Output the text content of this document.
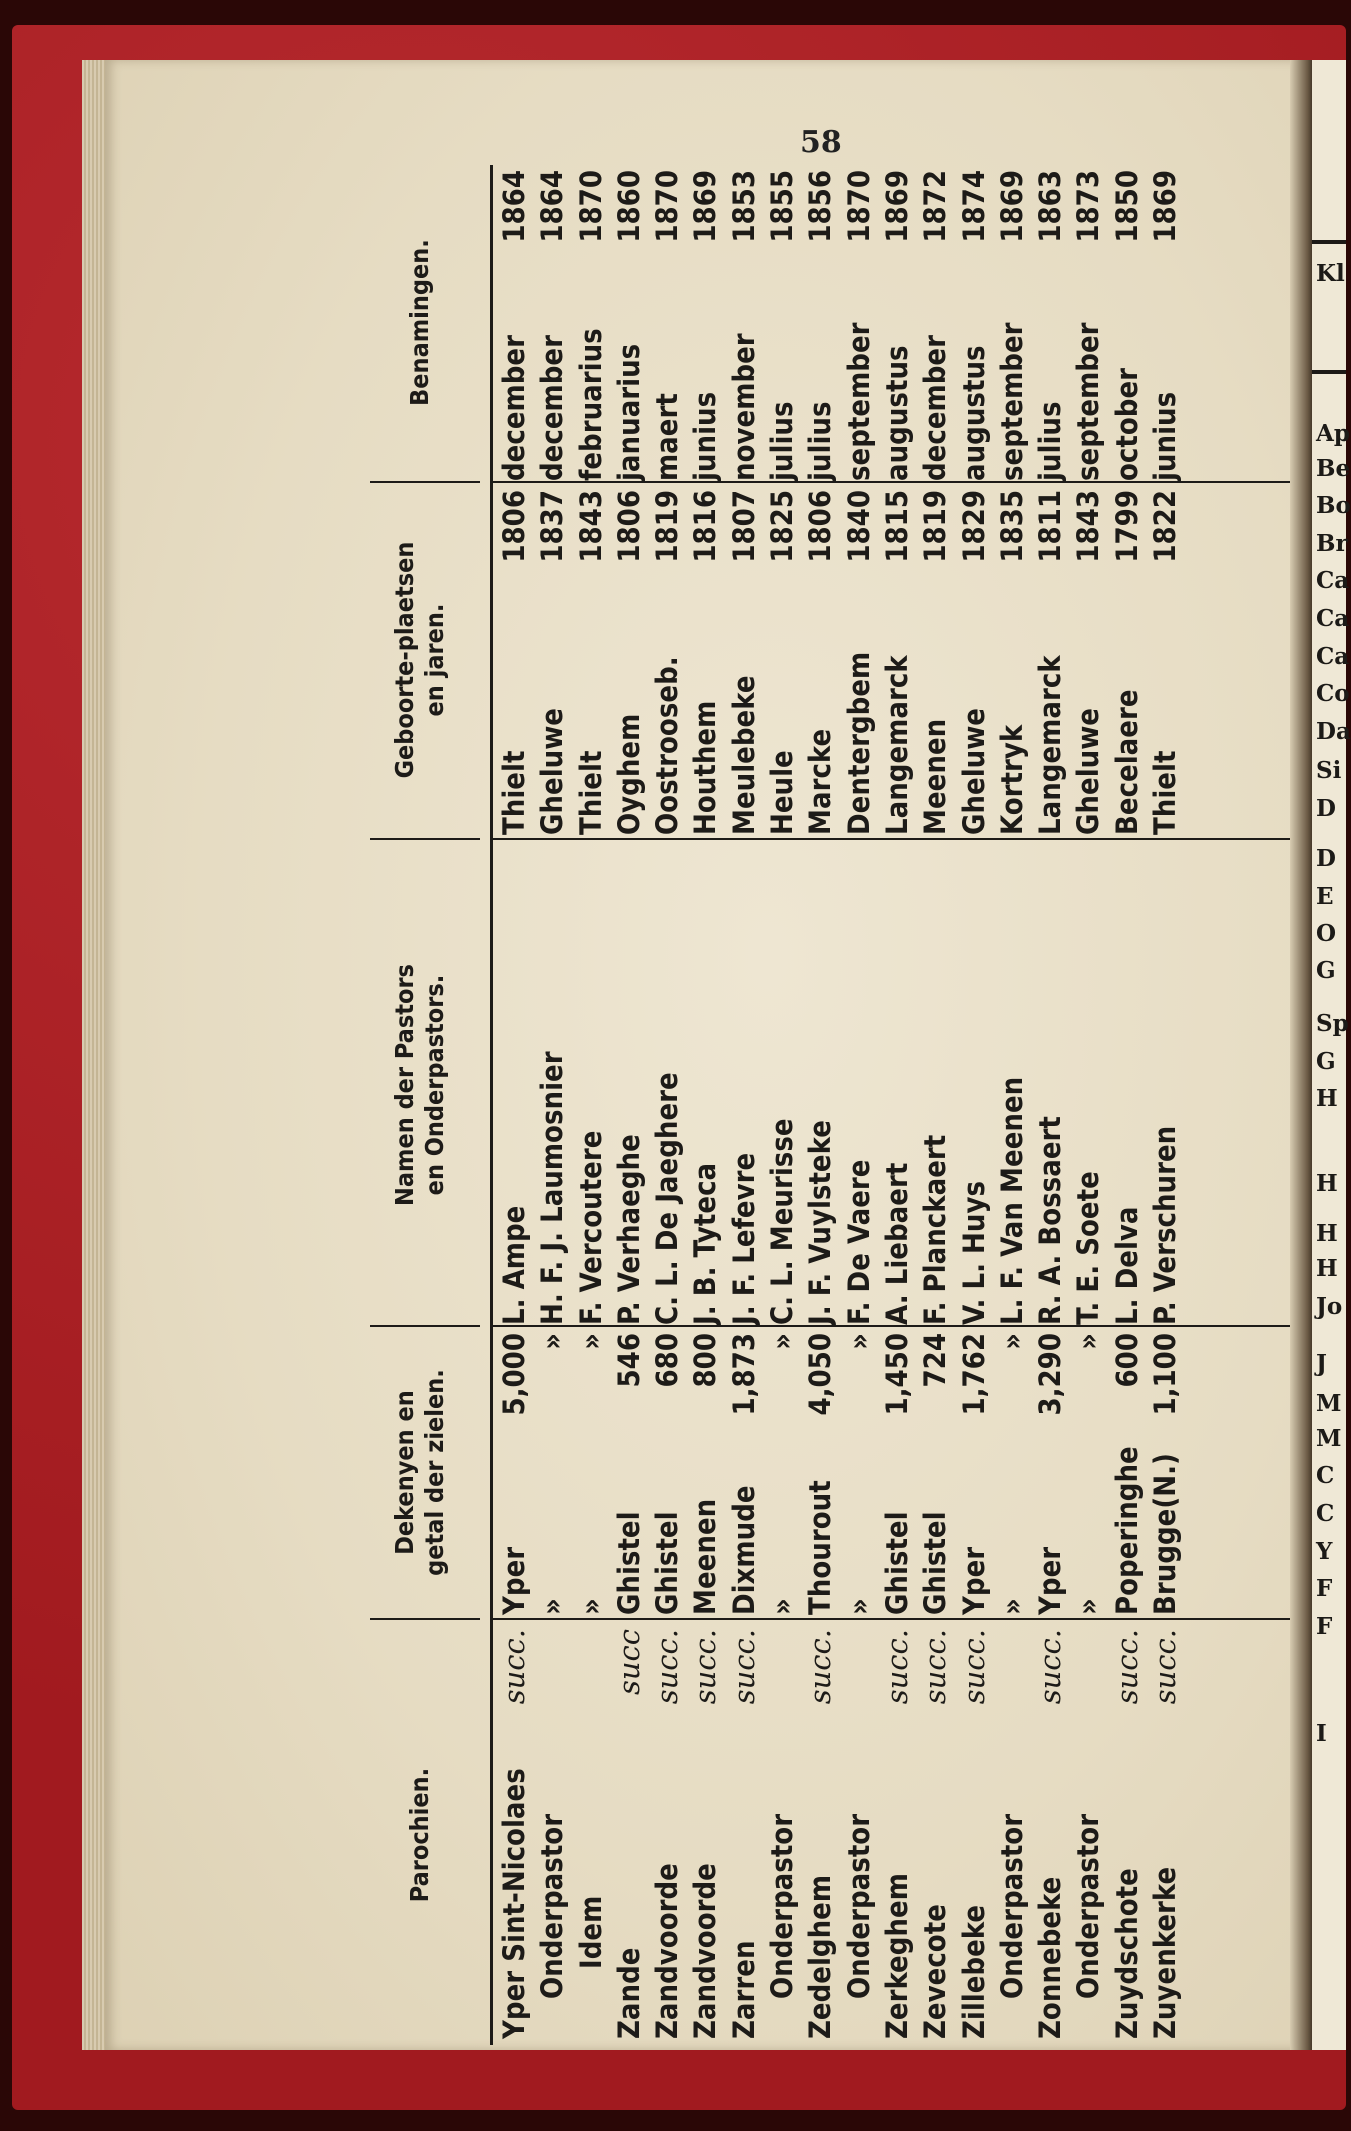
Kl
Ap
Be
Bo
Br
Ca
Ca
Ca
Co
Da
Si
D
D
E
O
G
Sp
G
H
H
H
H
Jo
J
M
M
C
C
Y
F
F
I
58
Parochien.
Dekenyen en
getal der zielen.
Namen der Pastors
en Onderpastors.
Geboorte-plaetsen
en jaren.
Benamingen.
Yper Sint-Nicolaes
succ.
Yper
5,000
L. Ampe
Thielt
1806
december
1864
Onderpastor
»
»
H. F. J. Laumosnier
Gheluwe
1837
december
1864
Idem
»
»
F. Vercoutere
Thielt
1843
februarius
1870
Zande
succ
Ghistel
546
P. Verhaeghe
Oyghem
1806
januarius
1860
Zandvoorde
succ.
Ghistel
680
C. L. De Jaeghere
Oostrooseb.
1819
maert
1870
Zandvoorde
succ.
Meenen
800
J. B. Tyteca
Houthem
1816
junius
1869
Zarren
succ.
Dixmude
1,873
J. F. Lefevre
Meulebeke
1807
november
1853
Onderpastor
»
»
C. L. Meurisse
Heule
1825
julius
1855
Zedelghem
succ.
Thourout
4,050
J. F. Vuylsteke
Marcke
1806
julius
1856
Onderpastor
»
»
F. De Vaere
Dentergbem
1840
september
1870
Zerkeghem
succ.
Ghistel
1,450
A. Liebaert
Langemarck
1815
augustus
1869
Zevecote
succ.
Ghistel
724
F. Planckaert
Meenen
1819
december
1872
Zillebeke
succ.
Yper
1,762
V. L. Huys
Gheluwe
1829
augustus
1874
Onderpastor
»
»
L. F. Van Meenen
Kortryk
1835
september
1869
Zonnebeke
succ.
Yper
3,290
R. A. Bossaert
Langemarck
1811
julius
1863
Onderpastor
»
»
T. E. Soete
Gheluwe
1843
september
1873
Zuydschote
succ.
Poperinghe
600
L. Delva
Becelaere
1799
october
1850
Zuyenkerke
succ.
Brugge(N.)
1,100
P. Verschuren
Thielt
1822
junius
1869
